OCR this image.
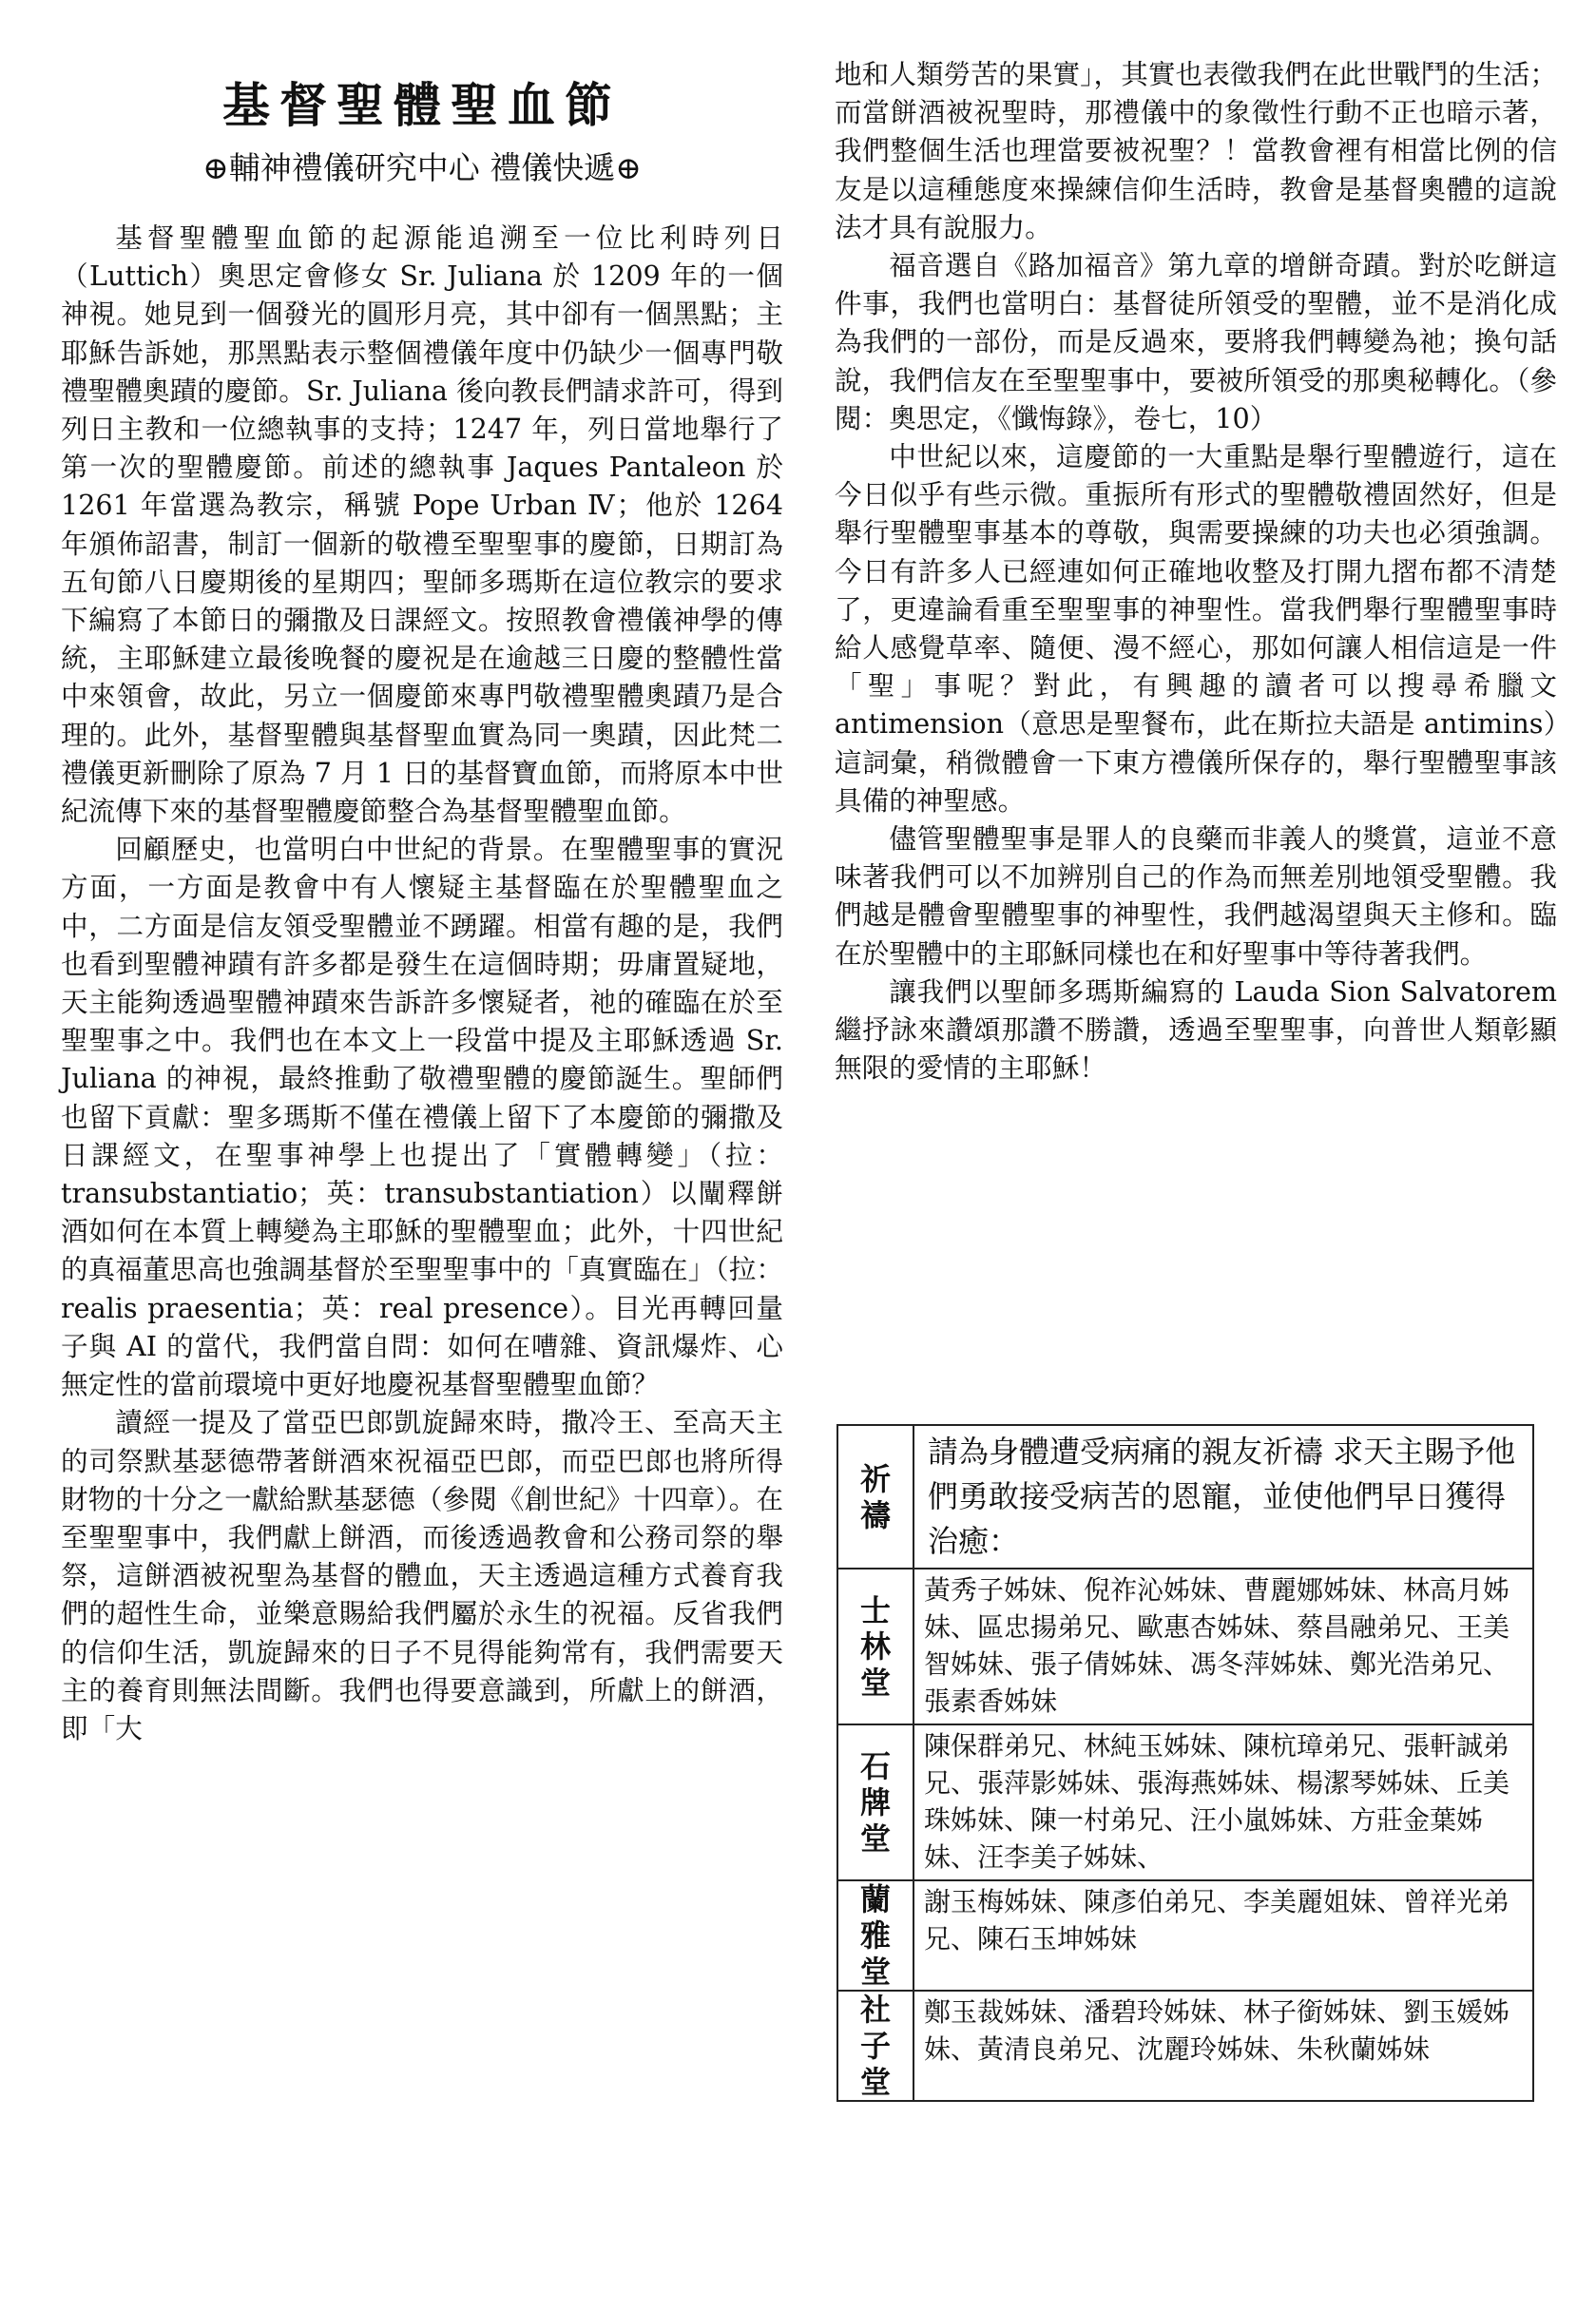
基督聖體聖血節
⊕輔神禮儀研究中心 禮儀快遞⊕

基督聖體聖血節的起源能追溯至一位比利時列日（Luttich）奧思定會修女 Sr. Juliana 於 1209 年的一個神視。她見到一個發光的圓形月亮，其中卻有一個黑點；主耶穌告訴她，那黑點表示整個禮儀年度中仍缺少一個專門敬禮聖體奧蹟的慶節。Sr. Juliana 後向教長們請求許可，得到列日主教和一位總執事的支持；1247 年，列日當地舉行了第一次的聖體慶節。前述的總執事 Jaques Pantaleon 於 1261 年當選為教宗，稱號 Pope Urban Ⅳ；他於 1264 年頒佈詔書，制訂一個新的敬禮至聖聖事的慶節，日期訂為五旬節八日慶期後的星期四；聖師多瑪斯在這位教宗的要求下編寫了本節日的彌撒及日課經文。按照教會禮儀神學的傳統，主耶穌建立最後晚餐的慶祝是在逾越三日慶的整體性當中來領會，故此，另立一個慶節來專門敬禮聖體奧蹟乃是合理的。此外，基督聖體與基督聖血實為同一奧蹟，因此梵二禮儀更新刪除了原為 7 月 1 日的基督寶血節，而將原本中世紀流傳下來的基督聖體慶節整合為基督聖體聖血節。

回顧歷史，也當明白中世紀的背景。在聖體聖事的實況方面，一方面是教會中有人懷疑主基督臨在於聖體聖血之中，二方面是信友領受聖體並不踴躍。相當有趣的是，我們也看到聖體神蹟有許多都是發生在這個時期；毋庸置疑地，天主能夠透過聖體神蹟來告訴許多懷疑者，祂的確臨在於至聖聖事之中。我們也在本文上一段當中提及主耶穌透過 Sr. Juliana 的神視，最終推動了敬禮聖體的慶節誕生。聖師們也留下貢獻：聖多瑪斯不僅在禮儀上留下了本慶節的彌撒及日課經文，在聖事神學上也提出了「實體轉變」（拉：transubstantiatio；英：transubstantiation）以闡釋餅酒如何在本質上轉變為主耶穌的聖體聖血；此外，十四世紀的真福董思高也強調基督於至聖聖事中的「真實臨在」（拉：realis praesentia；英：real presence）。目光再轉回量子與 AI 的當代，我們當自問：如何在嘈雜、資訊爆炸、心無定性的當前環境中更好地慶祝基督聖體聖血節？

讀經一提及了當亞巴郎凱旋歸來時，撒冷王、至高天主的司祭默基瑟德帶著餅酒來祝福亞巴郎，而亞巴郎也將所得財物的十分之一獻給默基瑟德（參閱《創世紀》十四章）。在至聖聖事中，我們獻上餅酒，而後透過教會和公務司祭的舉祭，這餅酒被祝聖為基督的體血，天主透過這種方式養育我們的超性生命，並樂意賜給我們屬於永生的祝福。反省我們的信仰生活，凱旋歸來的日子不見得能夠常有，我們需要天主的養育則無法間斷。我們也得要意識到，所獻上的餅酒，即「大

地和人類勞苦的果實」，其實也表徵我們在此世戰鬥的生活；而當餅酒被祝聖時，那禮儀中的象徵性行動不正也暗示著，我們整個生活也理當要被祝聖？！當教會裡有相當比例的信友是以這種態度來操練信仰生活時，教會是基督奧體的這說法才具有說服力。

福音選自《路加福音》第九章的增餅奇蹟。對於吃餅這件事，我們也當明白：基督徒所領受的聖體，並不是消化成為我們的一部份，而是反過來，要將我們轉變為祂；換句話說，我們信友在至聖聖事中，要被所領受的那奧秘轉化。（參閱：奧思定，《懺悔錄》，卷七，10）

中世紀以來，這慶節的一大重點是舉行聖體遊行，這在今日似乎有些示微。重振所有形式的聖體敬禮固然好，但是舉行聖體聖事基本的尊敬，與需要操練的功夫也必須強調。今日有許多人已經連如何正確地收整及打開九摺布都不清楚了，更違論看重至聖聖事的神聖性。當我們舉行聖體聖事時給人感覺草率、隨便、漫不經心，那如何讓人相信這是一件「聖」事呢？對此，有興趣的讀者可以搜尋希臘文 antimension（意思是聖餐布，此在斯拉夫語是 antimins）這詞彙，稍微體會一下東方禮儀所保存的，舉行聖體聖事該具備的神聖感。

儘管聖體聖事是罪人的良藥而非義人的獎賞，這並不意味著我們可以不加辨別自己的作為而無差別地領受聖體。我們越是體會聖體聖事的神聖性，我們越渴望與天主修和。臨在於聖體中的主耶穌同樣也在和好聖事中等待著我們。

讓我們以聖師多瑪斯編寫的 Lauda Sion Salvatorem 繼抒詠來讚頌那讚不勝讚，透過至聖聖事，向普世人類彰顯無限的愛情的主耶穌！

祈禱	請為身體遭受病痛的親友祈禱 求天主賜予他們勇敢接受病苦的恩寵，並使他們早日獲得治癒：
士林堂	黃秀子姊妹、倪祚沁姊妹、曹麗娜姊妹、林高月姊妹、區忠揚弟兄、歐惠杏姊妹、蔡昌融弟兄、王美智姊妹、張子倩姊妹、馮冬萍姊妹、鄭光浩弟兄、張素香姊妹
石牌堂	陳保群弟兄、林純玉姊妹、陳杭璋弟兄、張軒誠弟兄、張萍影姊妹、張海燕姊妹、楊潔琴姊妹、丘美珠姊妹、陳一村弟兄、汪小嵐姊妹、方莊金葉姊妹、汪李美子姊妹、
蘭雅堂	謝玉梅姊妹、陳彥伯弟兄、李美麗姐妹、曾祥光弟兄、陳石玉坤姊妹
社子堂	鄭玉裁姊妹、潘碧玲姊妹、林子銜姊妹、劉玉媛姊妹、黃清良弟兄、沈麗玲姊妹、朱秋蘭姊妹
